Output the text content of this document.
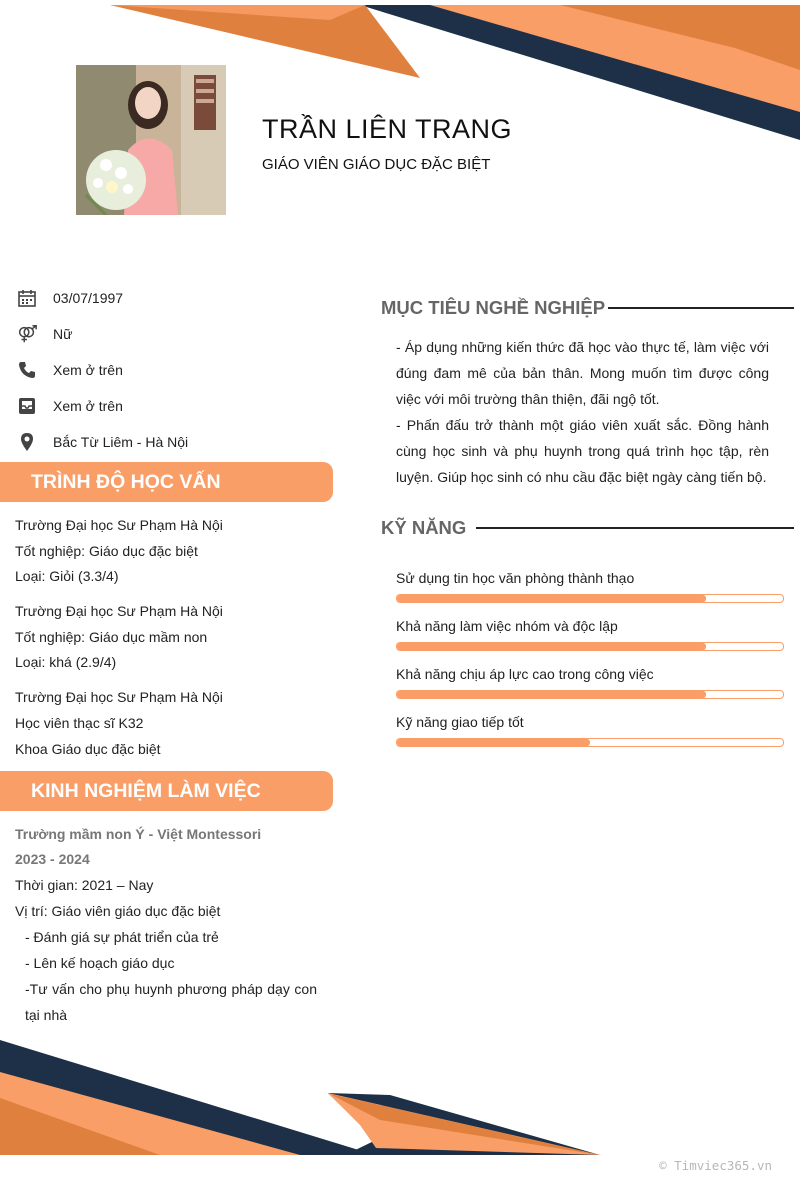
TRẦN LIÊN TRANG
GIÁO VIÊN GIÁO DỤC ĐẶC BIỆT
03/07/1997
Nữ
Xem ở trên
Xem ở trên
Bắc Từ Liêm - Hà Nội
TRÌNH ĐỘ HỌC VẤN
Trường Đại học Sư Phạm Hà Nội
Tốt nghiệp: Giáo dục đặc biệt
Loại: Giỏi (3.3/4)
Trường Đại học Sư Phạm Hà Nội
Tốt nghiệp: Giáo dục mầm non
Loại: khá (2.9/4)
Trường Đại học Sư Phạm Hà Nội
Học viên thạc sĩ K32
Khoa Giáo dục đặc biệt
KINH NGHIỆM LÀM VIỆC
Trường mầm non Ý - Việt Montessori
2023 - 2024
Thời gian: 2021 – Nay
Vị trí: Giáo viên giáo dục đặc biệt
- Đánh giá sự phát triển của trẻ
- Lên kế hoạch giáo dục
-Tư vấn cho phụ huynh phương pháp dạy con tại nhà
MỤC TIÊU NGHỀ NGHIỆP

- Áp dụng những kiến thức đã học vào thực tế, làm việc với đúng đam mê của bản thân. Mong muốn tìm được công việc với môi trường thân thiện, đãi ngộ tốt.

- Phấn đấu trở thành một giáo viên xuất sắc. Đồng hành cùng học sinh và phụ huynh trong quá trình học tập, rèn luyện. Giúp học sinh có nhu cầu đặc biệt ngày càng tiến bộ.

KỸ NĂNG
Sử dụng tin học văn phòng thành thạo
Khả năng làm việc nhóm và độc lập
Khả năng chịu áp lực cao trong công việc
Kỹ năng giao tiếp tốt
© Timviec365.vn
